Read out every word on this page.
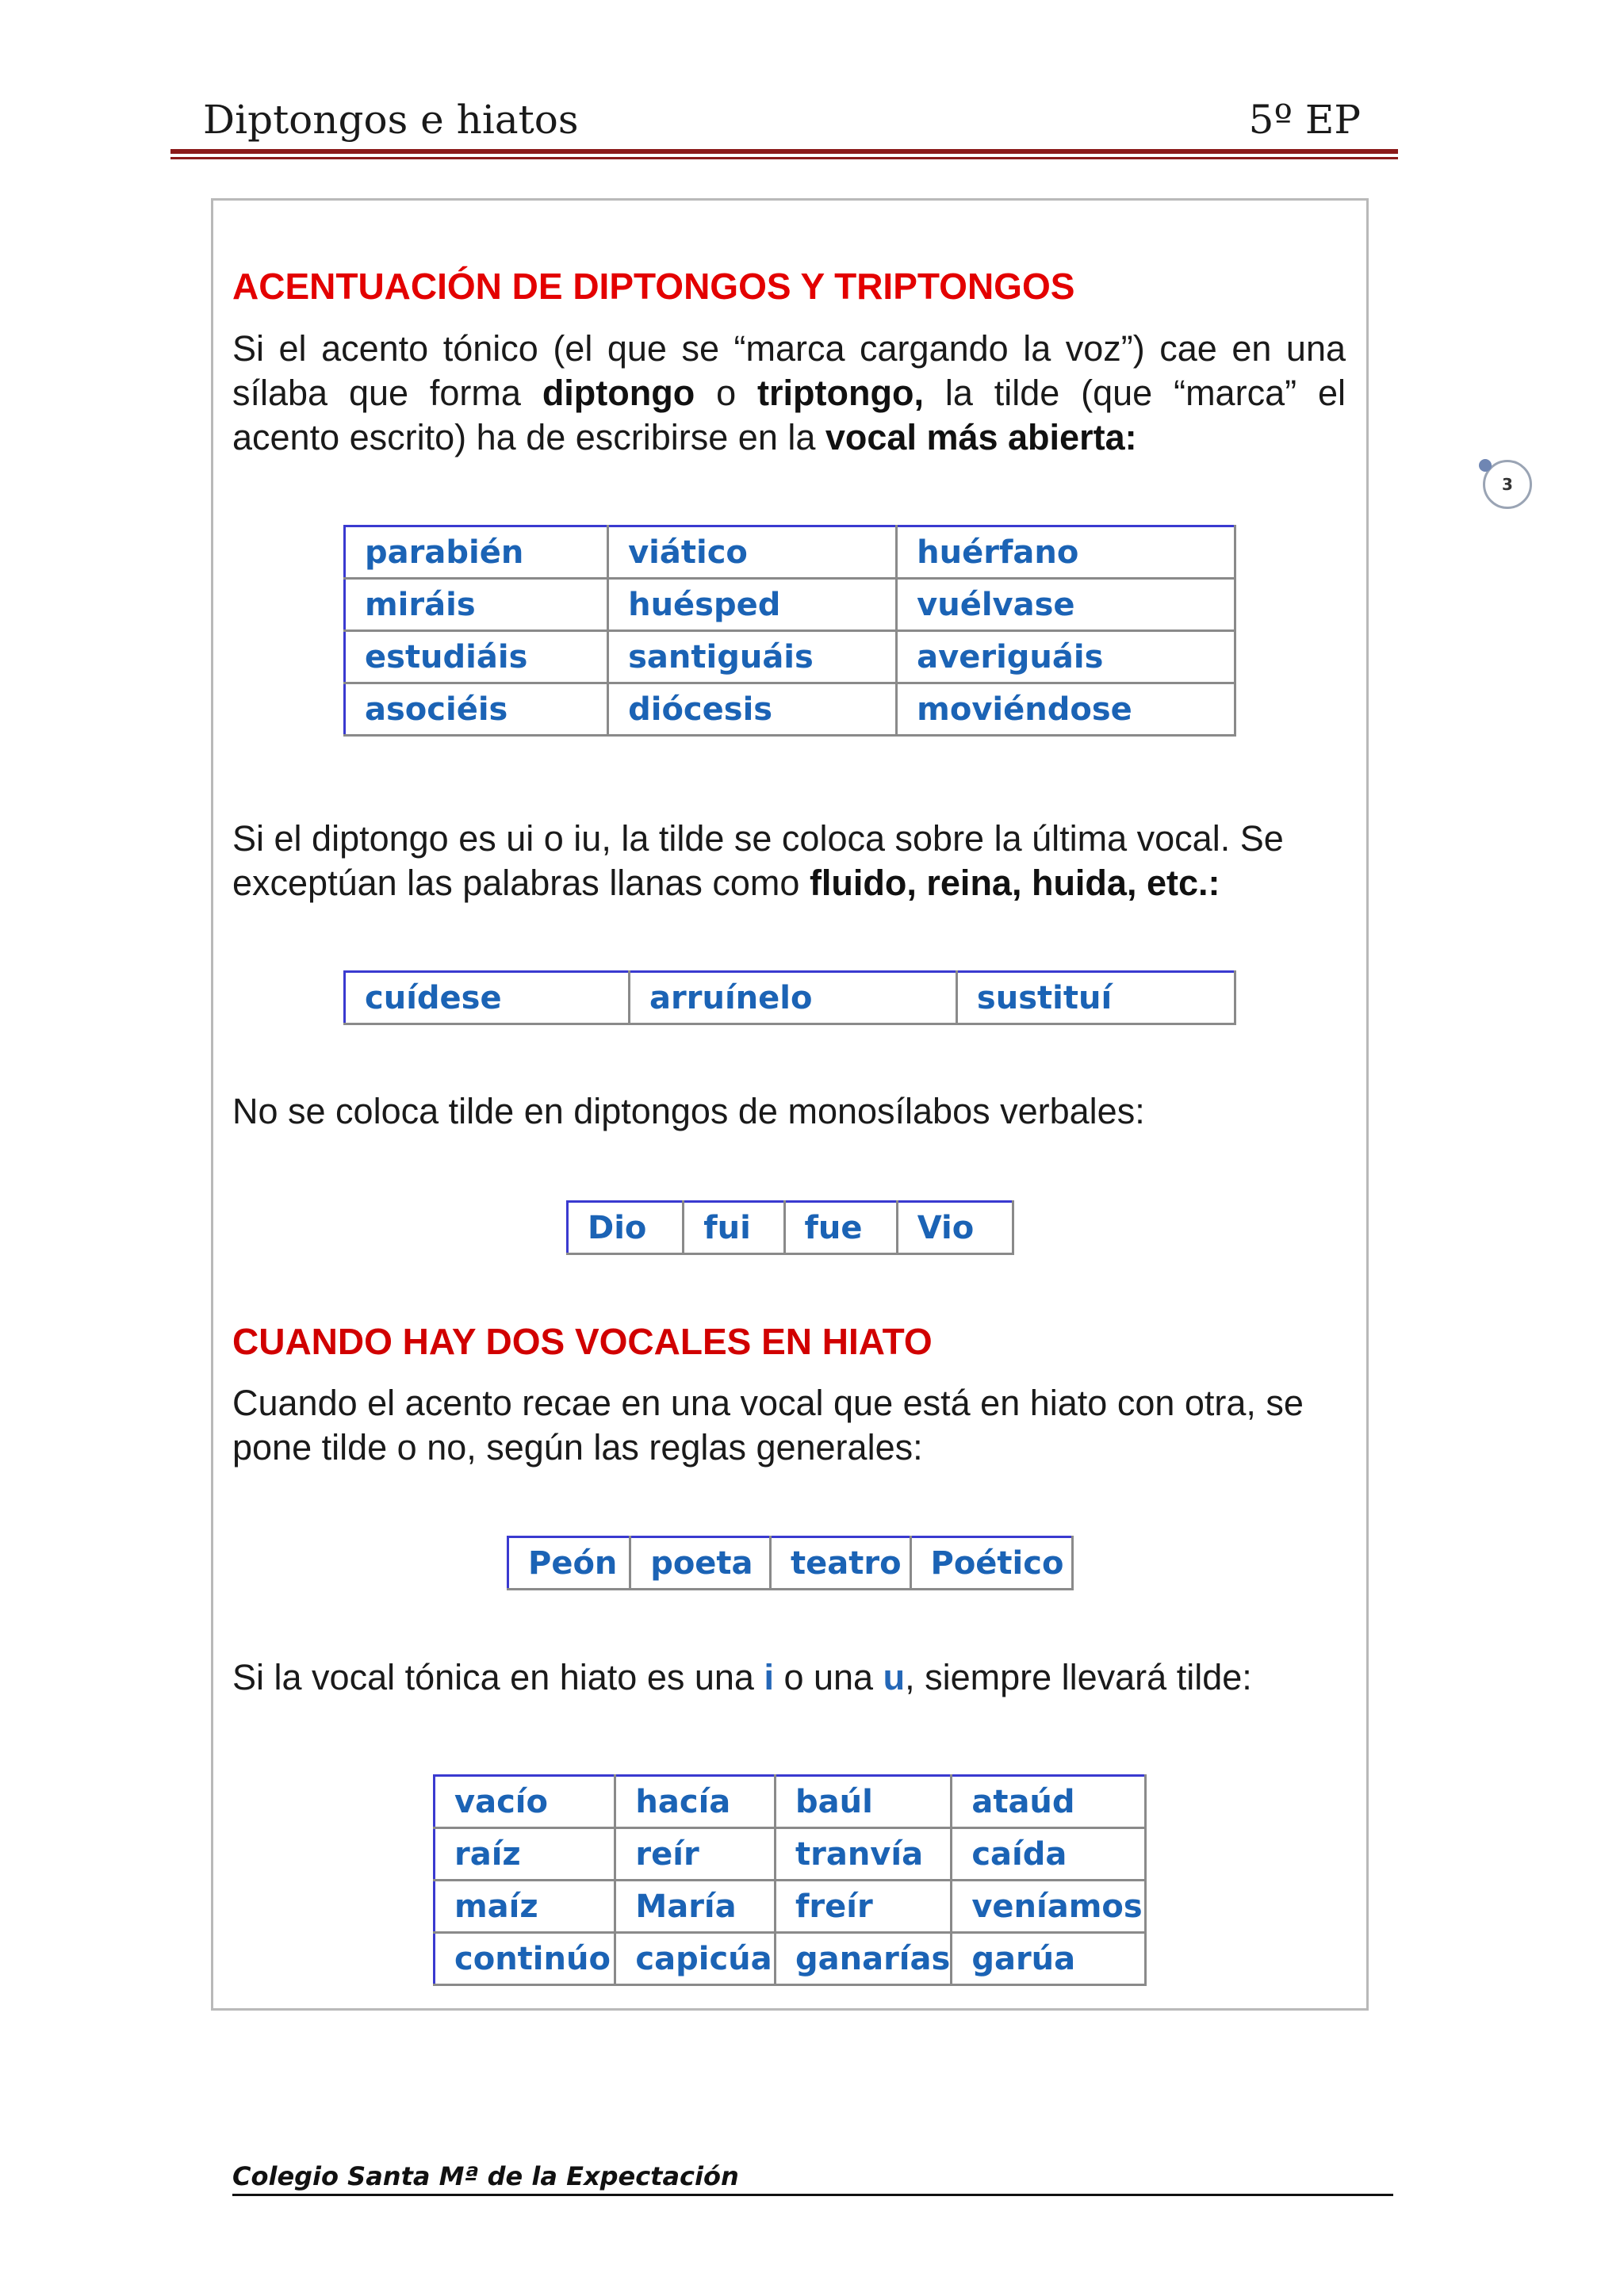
Diptongos e hiatos	5º EP
3
ACENTUACIÓN DE DIPTONGOS Y TRIPTONGOS
Si el acento tónico (el que se “marca cargando la voz”) cae en una sílaba que forma diptongo o triptongo, la tilde (que “marca” el acento escrito) ha de escribirse en la vocal más abierta:
parabién	viático	huérfano
miráis	huésped	vuélvase
estudiáis	santiguáis	averiguáis
asociéis	diócesis	moviéndose
Si el diptongo es ui o iu, la tilde se coloca sobre la última vocal. Se exceptúan las palabras llanas como fluido, reina, huida, etc.:
cuídese	arruínelo	sustituí
No se coloca tilde en diptongos de monosílabos verbales:
Dio	fui	fue	Vio
CUANDO HAY DOS VOCALES EN HIATO
Cuando el acento recae en una vocal que está en hiato con otra, se pone tilde o no, según las reglas generales:
Peón	poeta	teatro	Poético
Si la vocal tónica en hiato es una i o una u, siempre llevará tilde:
vacío	hacía	baúl	ataúd
raíz	reír	tranvía	caída
maíz	María	freír	veníamos
continúo	capicúa	ganarías	garúa
Colegio Santa Mª de la Expectación
